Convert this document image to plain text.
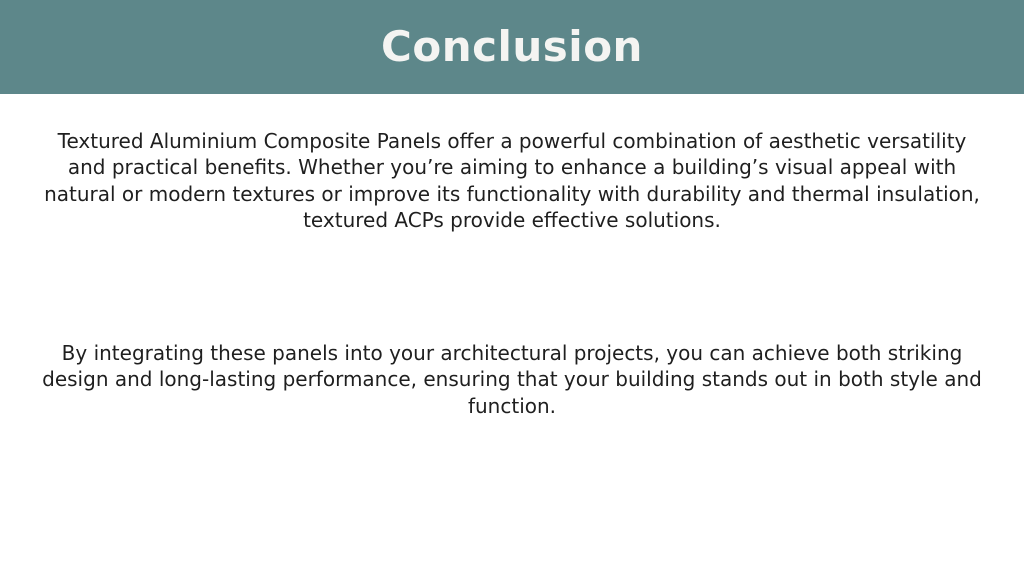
Conclusion

Textured Aluminium Composite Panels offer a powerful combination of aesthetic versatility and practical benefits. Whether you’re aiming to enhance a building’s visual appeal with natural or modern textures or improve its functionality with durability and thermal insulation, textured ACPs provide effective solutions.

By integrating these panels into your architectural projects, you can achieve both striking design and long-lasting performance, ensuring that your building stands out in both style and function.
